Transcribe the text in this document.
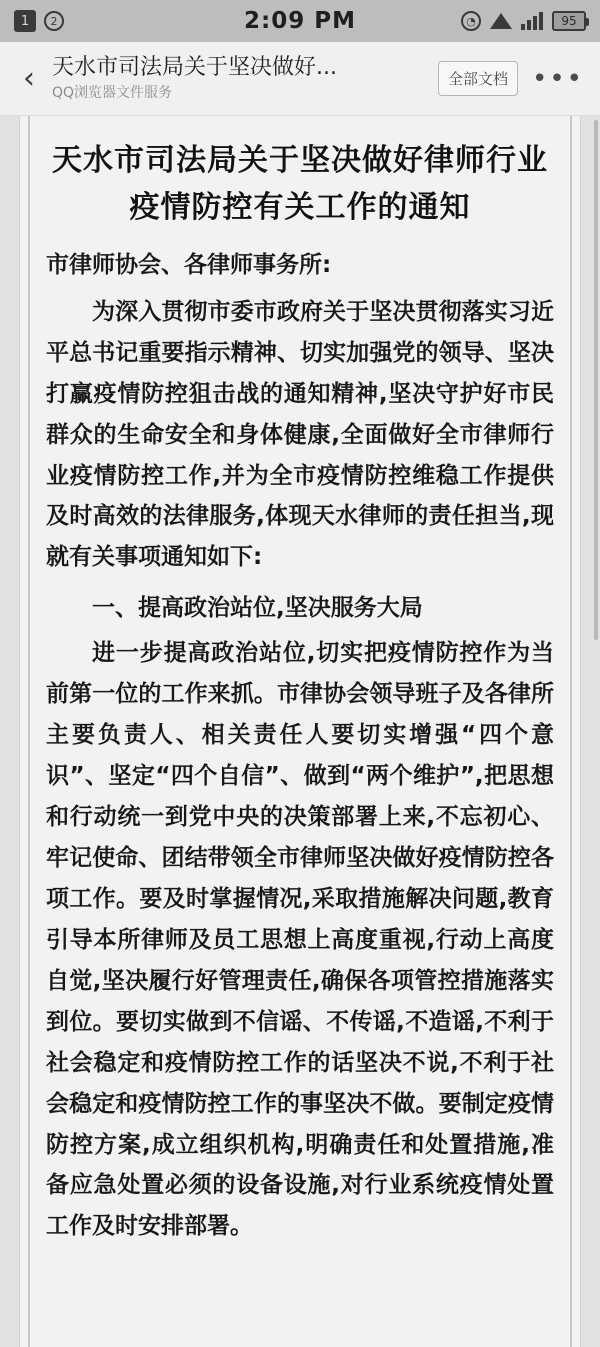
1	2	2:09 PM	◔	95
‹ 天水市司法局关于坚决做好...
QQ浏览器文件服务
全部文档 •••
天水市司法局关于坚决做好律师行业疫情防控有关工作的通知
市律师协会、各律师事务所:
为深入贯彻市委市政府关于坚决贯彻落实习近平总书记重要指示精神、切实加强党的领导、坚决打赢疫情防控狙击战的通知精神,坚决守护好市民群众的生命安全和身体健康,全面做好全市律师行业疫情防控工作,并为全市疫情防控维稳工作提供及时高效的法律服务,体现天水律师的责任担当,现就有关事项通知如下:
一、提高政治站位,坚决服务大局
进一步提高政治站位,切实把疫情防控作为当前第一位的工作来抓。市律协会领导班子及各律所主要负责人、相关责任人要切实增强“四个意识”、坚定“四个自信”、做到“两个维护”,把思想和行动统一到党中央的决策部署上来,不忘初心、牢记使命、团结带领全市律师坚决做好疫情防控各项工作。要及时掌握情况,采取措施解决问题,教育引导本所律师及员工思想上高度重视,行动上高度自觉,坚决履行好管理责任,确保各项管控措施落实到位。要切实做到不信谣、不传谣,不造谣,不利于社会稳定和疫情防控工作的话坚决不说,不利于社会稳定和疫情防控工作的事坚决不做。要制定疫情防控方案,成立组织机构,明确责任和处置措施,准备应急处置必须的设备设施,对行业系统疫情处置工作及时安排部署。
